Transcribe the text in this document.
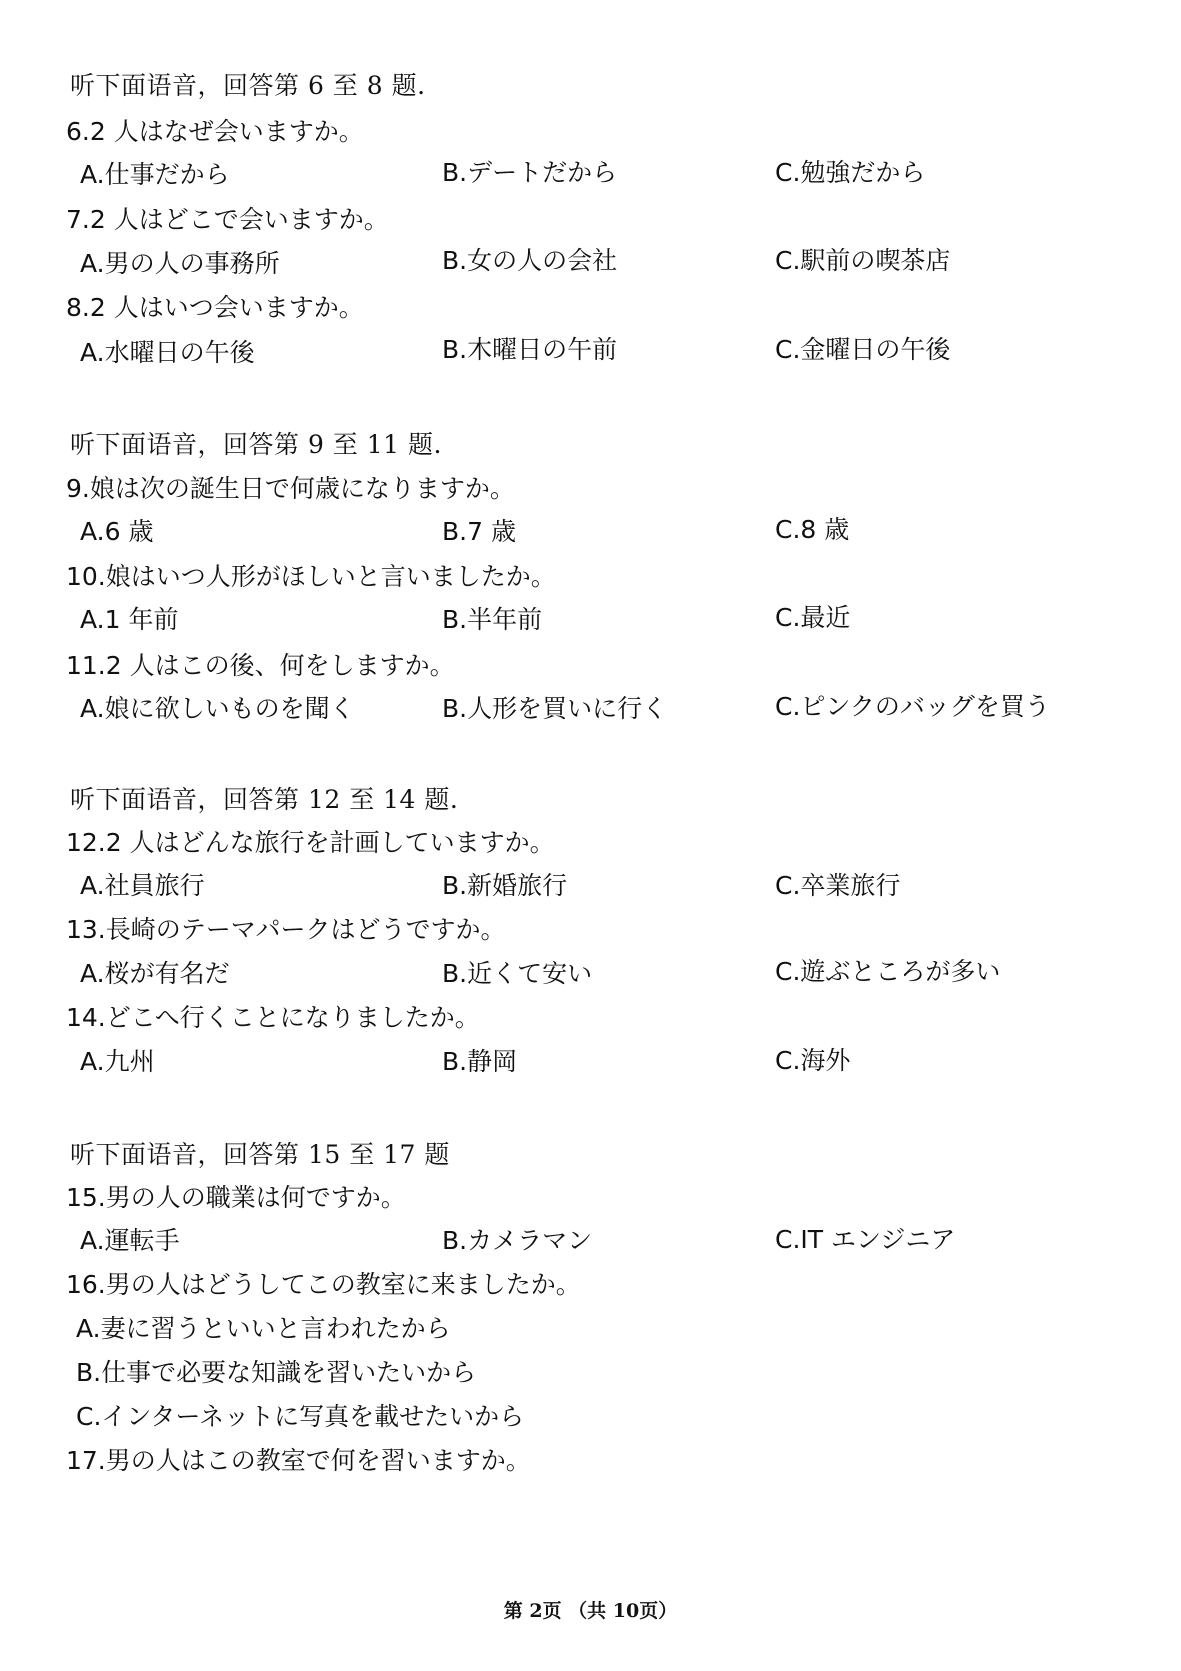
听下面语音，回答第 6 至 8 题.
6.2 人はなぜ会いますか。
A.仕事だから	B.デートだから	C.勉強だから
7.2 人はどこで会いますか。
A.男の人の事務所	B.女の人の会社	C.駅前の喫茶店
8.2 人はいつ会いますか。
A.水曜日の午後	B.木曜日の午前	C.金曜日の午後
听下面语音，回答第 9 至 11 题.
9.娘は次の誕生日で何歳になりますか。
A.6 歳	B.7 歳	C.8 歳
10.娘はいつ人形がほしいと言いましたか。
A.1 年前	B.半年前	C.最近
11.2 人はこの後、何をしますか。
A.娘に欲しいものを聞く	B.人形を買いに行く	C.ピンクのバッグを買う
听下面语音，回答第 12 至 14 题.
12.2 人はどんな旅行を計画していますか。
A.社員旅行	B.新婚旅行	C.卒業旅行
13.長崎のテーマパークはどうですか。
A.桜が有名だ	B.近くて安い	C.遊ぶところが多い
14.どこへ行くことになりましたか。
A.九州	B.静岡	C.海外
听下面语音，回答第 15 至 17 题
15.男の人の職業は何ですか。
A.運転手	B.カメラマン	C.IT エンジニア
16.男の人はどうしてこの教室に来ましたか。
A.妻に習うといいと言われたから
B.仕事で必要な知識を習いたいから
C.インターネットに写真を載せたいから
17.男の人はこの教室で何を習いますか。
第 2页 （共 10页）
